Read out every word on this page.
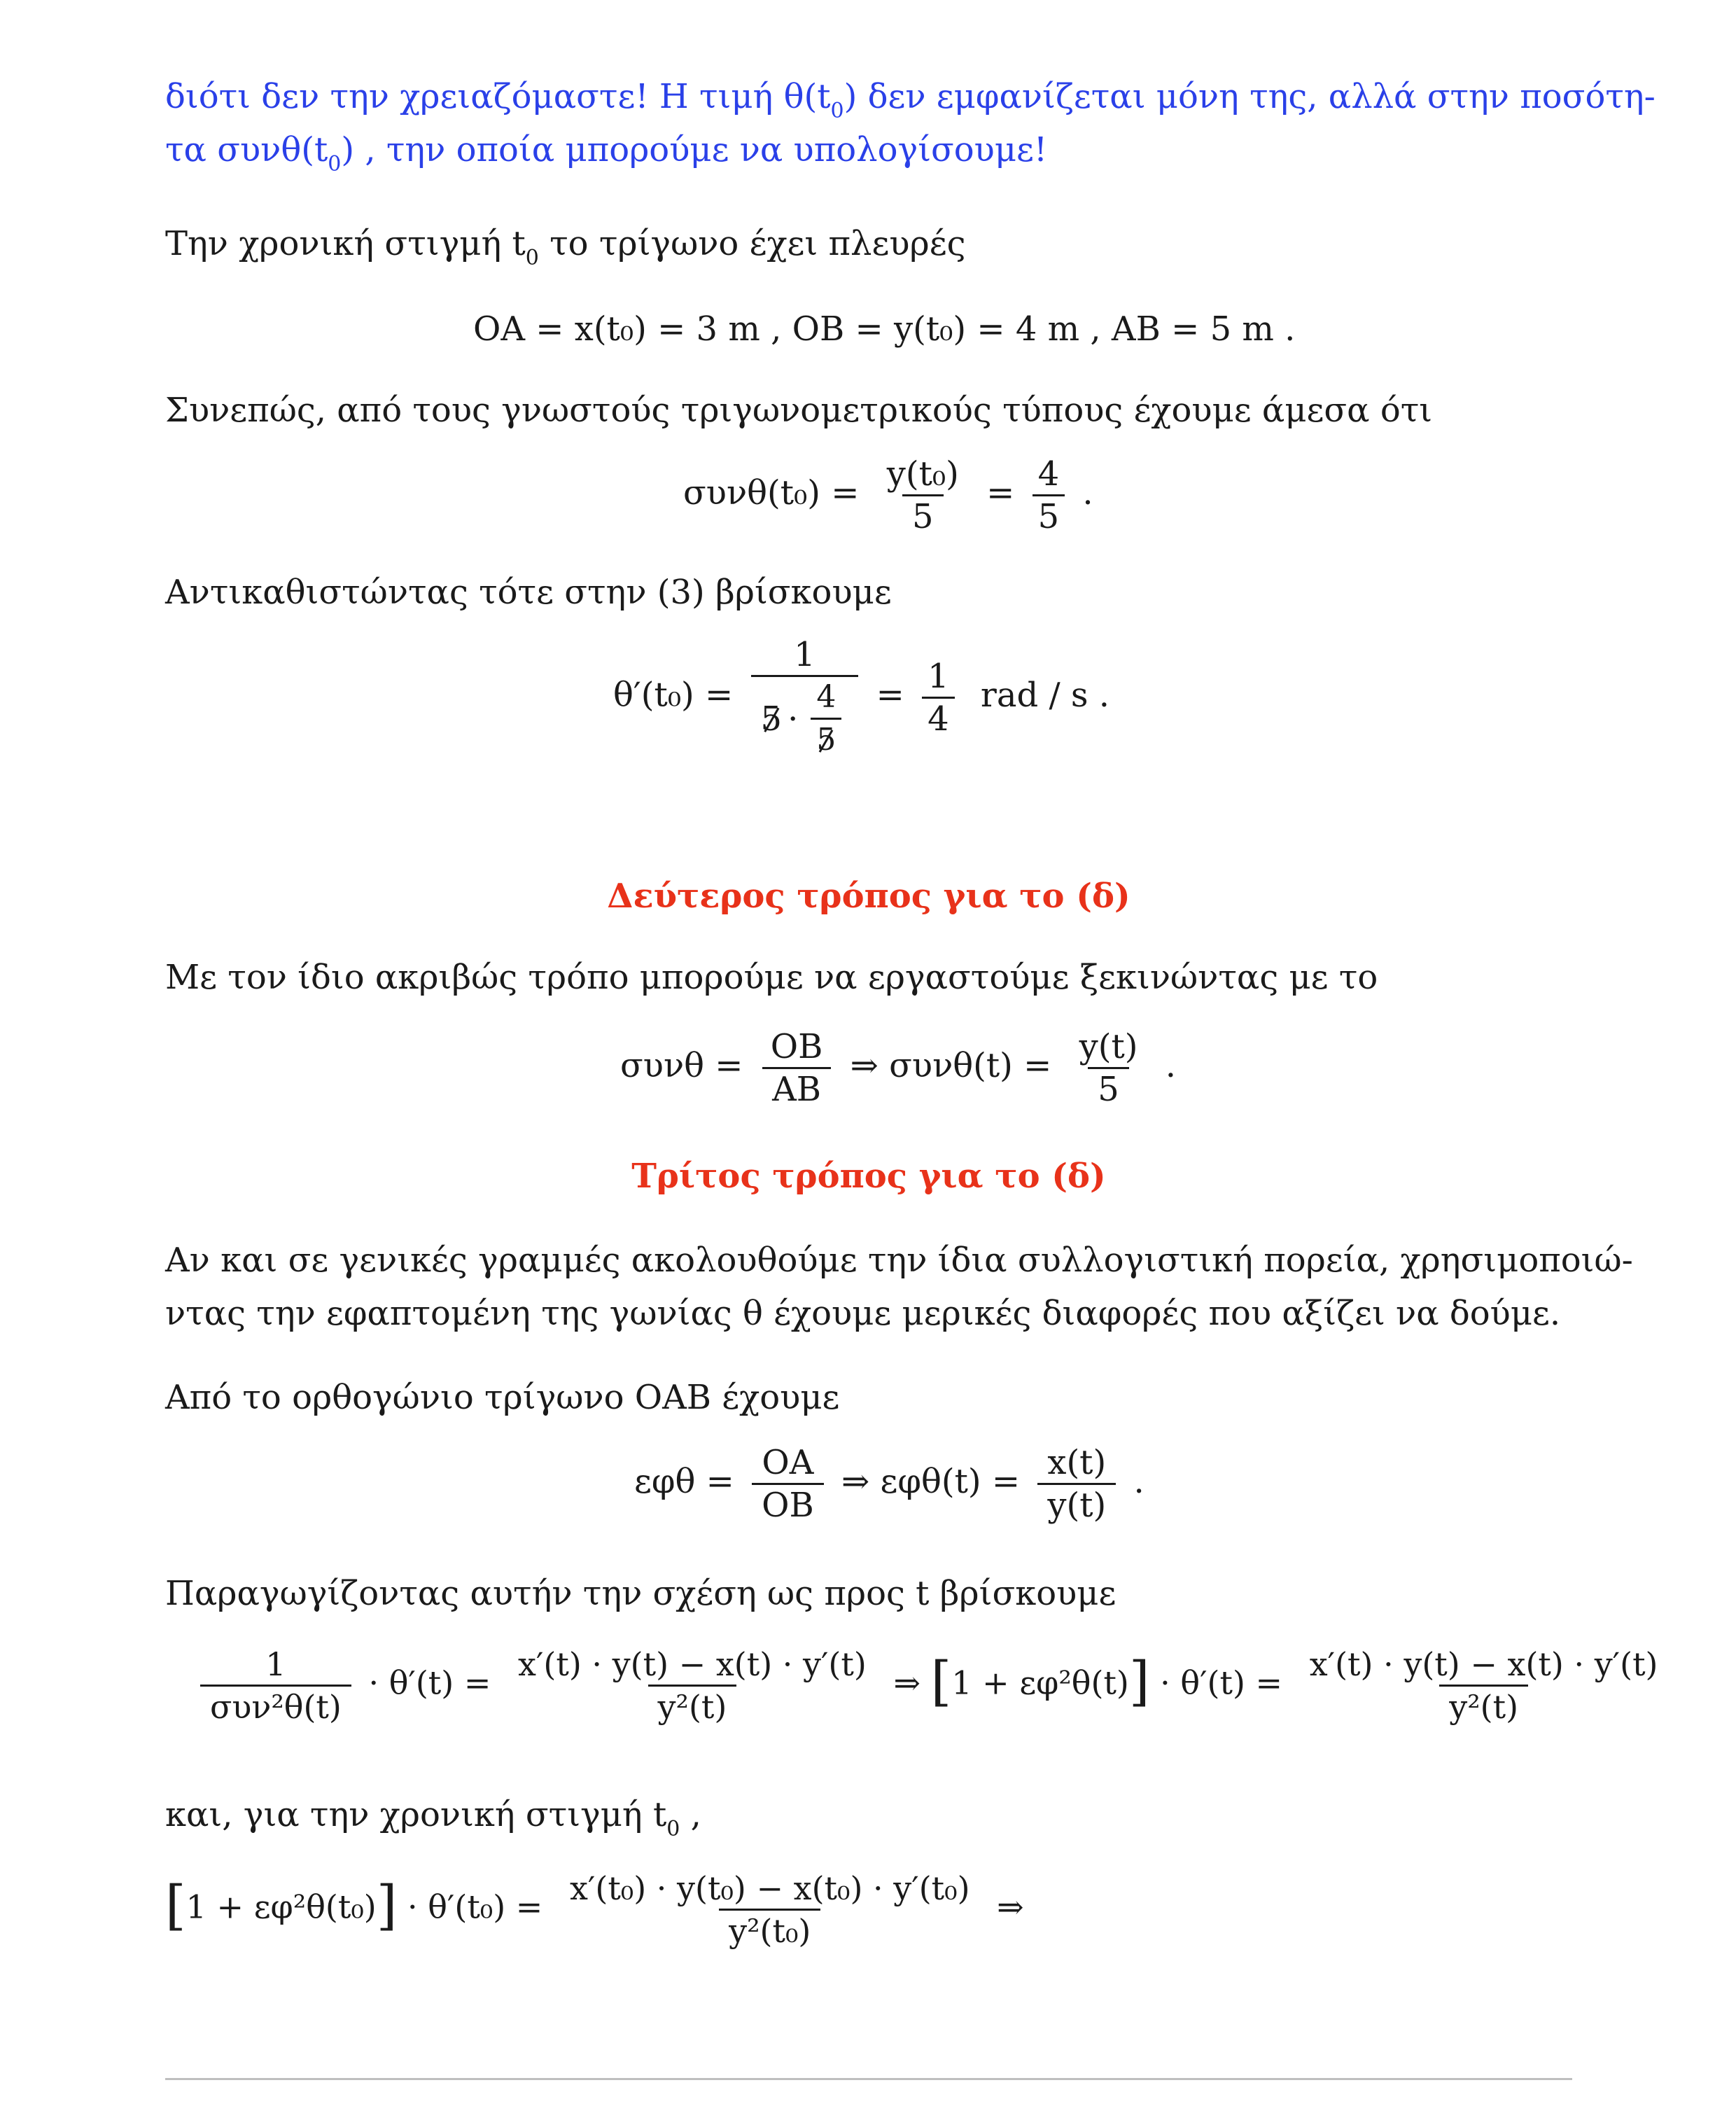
διότι δεν την χρειαζόμαστε! Η τιμή $\theta(t_0)$ δεν εμφανίζεται μόνη της, αλλά στην ποσότη-
τα $\sigma\upsilon\nu\theta(t_0)$ , την οποία μπορούμε να υπολογίσουμε!
Την χρονική στιγμή $t_0$ το τρίγωνο έχει πλευρές
OA = x(t₀) = 3 m , OB = y(t₀) = 4 m , AB = 5 m .
Συνεπώς, από τους γνωστούς τριγωνομετρικούς τύπους έχουμε άμεσα ότι
$\sigma\upsilon\nu\theta(t_0) = \frac{\text{y(t₀)}}{5} = \frac{4}{5}$ .
Αντικαθιστώντας τότε στην (3) βρίσκουμε
$\theta'(t_0) = \frac{1}{5 \cdot \frac{4}{5}} = \frac{1}{4}$ rad / s .
Δεύτερος τρόπος για το (δ)
Με τον ίδιο ακριβώς τρόπο μπορούμε να εργαστούμε ξεκινώντας με το
$\sigma\upsilon\nu\theta = \frac{OB}{AB}$ ⇒ $\sigma\upsilon\nu\theta(t) = \frac{y(t)}{5}$ .
Τρίτος τρόπος για το (δ)
Αν και σε γενικές γραμμές ακολουθούμε την ίδια συλλογιστική πορεία, χρησιμοποιώ-
ντας την εφαπτομένη της γωνίας θ έχουμε μερικές διαφορές που αξίζει να δούμε.
Από το ορθογώνιο τρίγωνο OAB έχουμε
$\varepsilon\varphi\theta = \frac{OA}{OB}$ ⇒ $\varepsilon\varphi\theta(t) = \frac{x(t)}{y(t)}$ .
Παραγωγίζοντας αυτήν την σχέση ως προς t βρίσκουμε
$\frac{1}{\text{συν²θ(t)}} \cdot \theta'(t) = \frac{x'(t) \cdot y(t) - x(t) \cdot y'(t)}{\text{y²(t)}}$ ⇒ $[1 + \varepsilon\varphi^2\theta(t)] \cdot \theta'(t) = \frac{x'(t) \cdot y(t) - x(t) \cdot y'(t)}{\text{y²(t)}}$
και, για την χρονική στιγμή $t_0$ ,
$[1 + \varepsilon\varphi^2\theta(t_0)] \cdot \theta'(t_0) = \frac{\text{x′(t₀) · y(t₀) − x(t₀) · y′(t₀)}}{\text{y²(t₀)}}$ ⇒
